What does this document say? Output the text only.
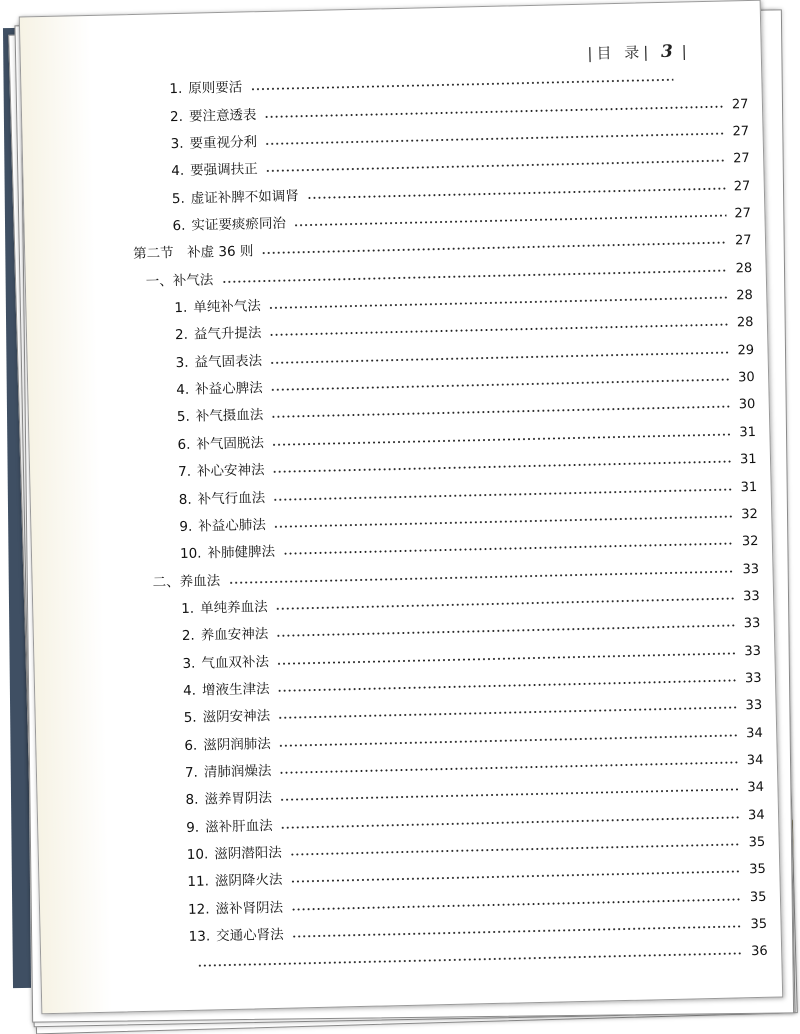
|目 录| 3 |
1. 原则要活
2. 要注意透表
27
3. 要重视分利
27
4. 要强调扶正
27
5. 虚证补脾不如调肾
27
6. 实证要痰瘀同治
27
第二节　补虚 36 则
27
一、补气法
28
1. 单纯补气法
28
2. 益气升提法
28
3. 益气固表法
29
4. 补益心脾法
30
5. 补气摄血法
30
6. 补气固脱法
31
7. 补心安神法
31
8. 补气行血法
31
9. 补益心肺法
32
10. 补肺健脾法
32
二、养血法
33
1. 单纯养血法
33
2. 养血安神法
33
3. 气血双补法
33
4. 增液生津法
33
5. 滋阴安神法
33
6. 滋阴润肺法
34
7. 清肺润燥法
34
8. 滋养胃阴法
34
9. 滋补肝血法
34
10. 滋阴潜阳法
35
11. 滋阴降火法
35
12. 滋补肾阴法
35
13. 交通心肾法
35
36
